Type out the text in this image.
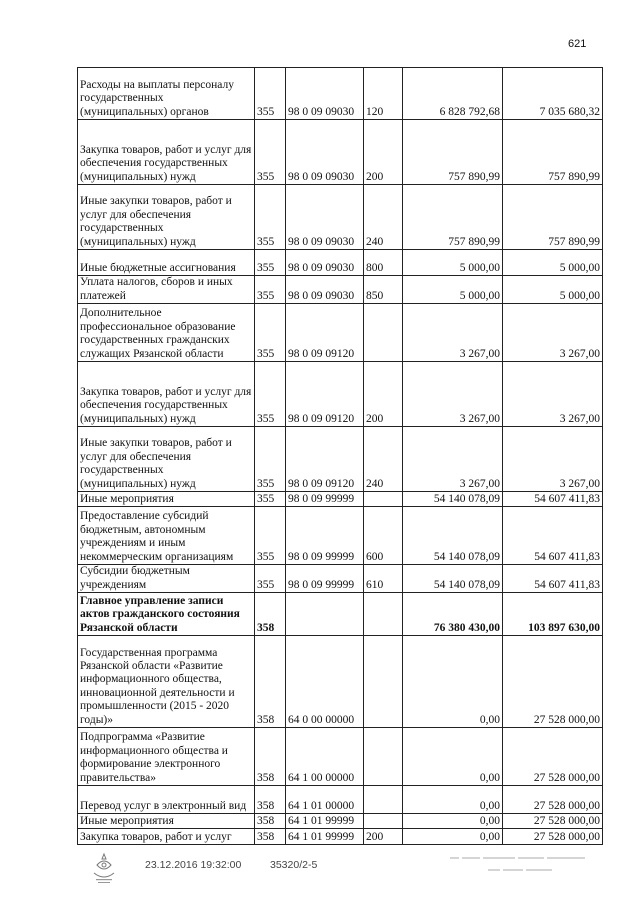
621
Расходы на выплаты персоналу государственных (муниципальных) органов	355	98 0 09 09030	120	6 828 792,68	7 035 680,32
Закупка товаров, работ и услуг для обеспечения государственных (муниципальных) нужд	355	98 0 09 09030	200	757 890,99	757 890,99
Иные закупки товаров, работ и услуг для обеспечения государственных (муниципальных) нужд	355	98 0 09 09030	240	757 890,99	757 890,99
Иные бюджетные ассигнования	355	98 0 09 09030	800	5 000,00	5 000,00
Уплата налогов, сборов и иных платежей	355	98 0 09 09030	850	5 000,00	5 000,00
Дополнительное профессиональное образование государственных гражданских служащих Рязанской области	355	98 0 09 09120		3 267,00	3 267,00
Закупка товаров, работ и услуг для обеспечения государственных (муниципальных) нужд	355	98 0 09 09120	200	3 267,00	3 267,00
Иные закупки товаров, работ и услуг для обеспечения государственных (муниципальных) нужд	355	98 0 09 09120	240	3 267,00	3 267,00
Иные мероприятия	355	98 0 09 99999		54 140 078,09	54 607 411,83
Предоставление субсидий бюджетным, автономным учреждениям и иным некоммерческим организациям	355	98 0 09 99999	600	54 140 078,09	54 607 411,83
Субсидии бюджетным учреждениям	355	98 0 09 99999	610	54 140 078,09	54 607 411,83
Главное управление записи актов гражданского состояния Рязанской области	358			76 380 430,00	103 897 630,00
Государственная программа Рязанской области «Развитие информационного общества, инновационной деятельности и промышленности (2015 - 2020 годы)»	358	64 0 00 00000		0,00	27 528 000,00
Подпрограмма «Развитие информационного общества и формирование электронного правительства»	358	64 1 00 00000		0,00	27 528 000,00
Перевод услуг в электронный вид	358	64 1 01 00000		0,00	27 528 000,00
Иные мероприятия	358	64 1 01 99999		0,00	27 528 000,00
Закупка товаров, работ и услуг	358	64 1 01 99999	200	0,00	27 528 000,00
23.12.2016 19:32:00	35320/2-5
